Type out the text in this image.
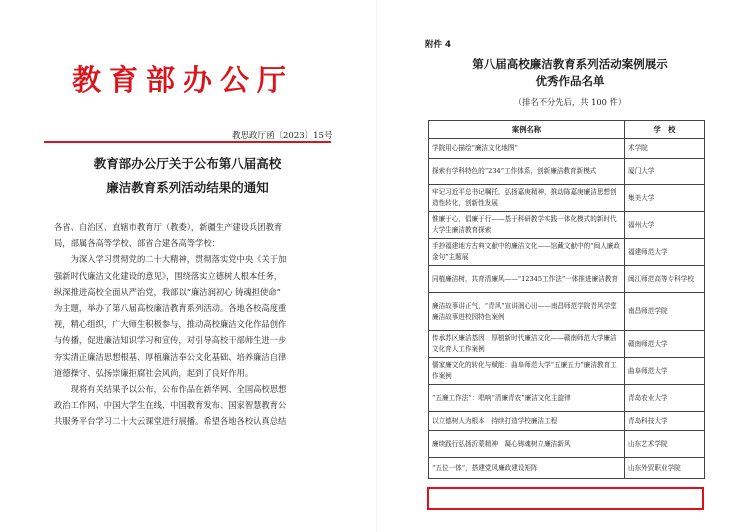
教育部办公厅
教思政厅函〔2023〕15号
教育部办公厅关于公布第八届高校
廉洁教育系列活动结果的通知
各省、自治区、直辖市教育厅（教委），新疆生产建设兵团教育
局，部属各高等学校、部省合建各高等学校：
　　为深入学习贯彻党的二十大精神，贯彻落实党中央《关于加
强新时代廉洁文化建设的意见》，围绕落实立德树人根本任务，
纵深推进高校全面从严治党，我部以“廉洁润初心 铸魂担使命”
为主题，举办了第八届高校廉洁教育系列活动。各地各校高度重
视，精心组织，广大师生积极参与，推动高校廉洁文化作品创作
与传播，促进廉洁知识学习和宣传，对引导高校干部师生进一步
夯实清正廉洁思想根基、厚植廉洁奉公文化基础、培养廉洁自律
道德操守、弘扬崇廉拒腐社会风尚，起到了良好作用。
　　现将有关结果予以公布，公布作品在新华网、全国高校思想
政治工作网、中国大学生在线、中国教育发布、国家智慧教育公
共服务平台学习二十大云课堂进行展播。希望各地各校认真总结
附件 4
第八届高校廉洁教育系列活动案例展示
优秀作品名单
（排名不分先后，共 100 件）
案例名称	学　校
学院用心描绘“廉洁文化地图”	术学院
探索有学科特色的“234”工作体系，创新廉洁教育新模式	厦门大学
牢记习近平总书记嘱托，弘扬嘉庚精神，推动陈嘉庚廉洁思想创造性转化，创新性发展	集美大学
惟廉于心，倡廉于行——基于科研教学实践一体化模式的新时代大学生廉洁教育探索	福州大学
手抄福建地方古典文献中的廉洁文化——馆藏文献中的“闽人廉政金句”主题展	福建师范大学
同植廉洁树，共育清廉风——“12345工作法”一体推进廉洁教育	闽江师范高等专科学校
廉洁故事讲正气，“青风”宣讲润心田——南昌师范学院青风学堂廉洁故事进校园特色案例	南昌师范学院
传承苏区廉洁基因　厚植新时代廉洁文化——赣南师范大学廉洁文化育人工作案例	赣南师范大学
儒家廉文化的转化与赋能：曲阜师范大学“五廉五力”廉洁教育工作案例	曲阜师范大学
“五廉工作法”：唱响“清廉青农”廉洁文化主旋律	青岛农业大学
以立德树人为根本　持续打造学校廉洁工程	青岛科技大学
廉续践行弘扬沂蒙精神　凝心铸魂树立廉洁新风	山东艺术学院
“五位一体”，搭建党风廉政建设矩阵	山东外贸职业学院
